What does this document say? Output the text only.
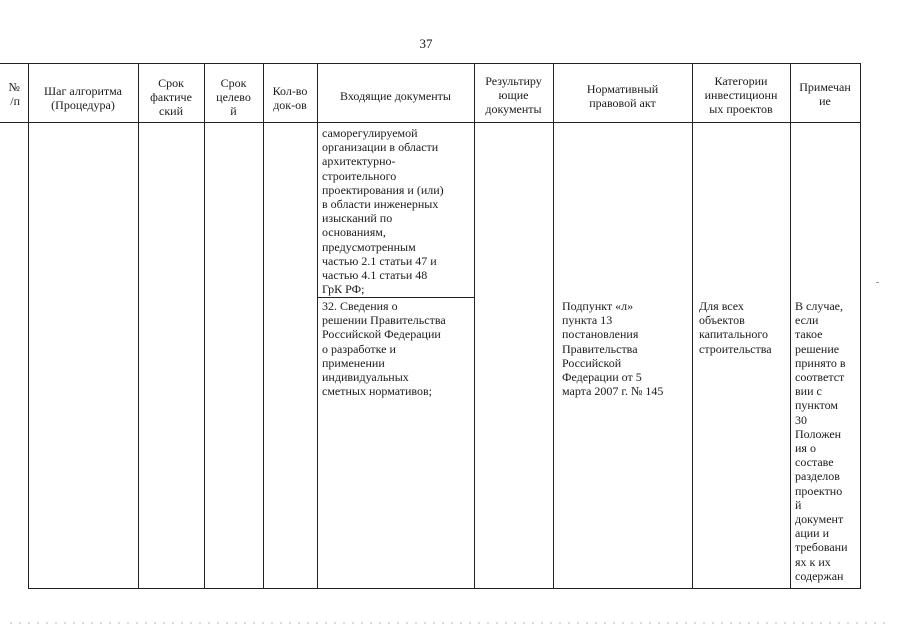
37
№
/п
Шаг алгоритма
(Процедура)
Срок
фактиче
ский
Срок
целево
й
Кол-во
док-ов
Входящие документы
Результиру
ющие
документы
Нормативный
правовой акт
Категории
инвестиционн
ых проектов
Примечан
ие
саморегулируемой
организации в области
архитектурно-
строительного
проектирования и (или)
в области инженерных
изысканий по
основаниям,
предусмотренным
частью 2.1 статьи 47 и
частью 4.1 статьи 48
ГрК РФ;
32. Сведения о
решении Правительства
Российской Федерации
о разработке и
применении
индивидуальных
сметных нормативов;
Подпункт «л»
пункта 13
постановления
Правительства
Российской
Федерации от 5
марта 2007 г. № 145
Для всех
объектов
капитального
строительства
В случае,
если
такое
решение
принято в
соответст
вии с
пунктом
30
Положен
ия о
составе
разделов
проектно
й
документ
ации и
требовани
ях к их
содержан
